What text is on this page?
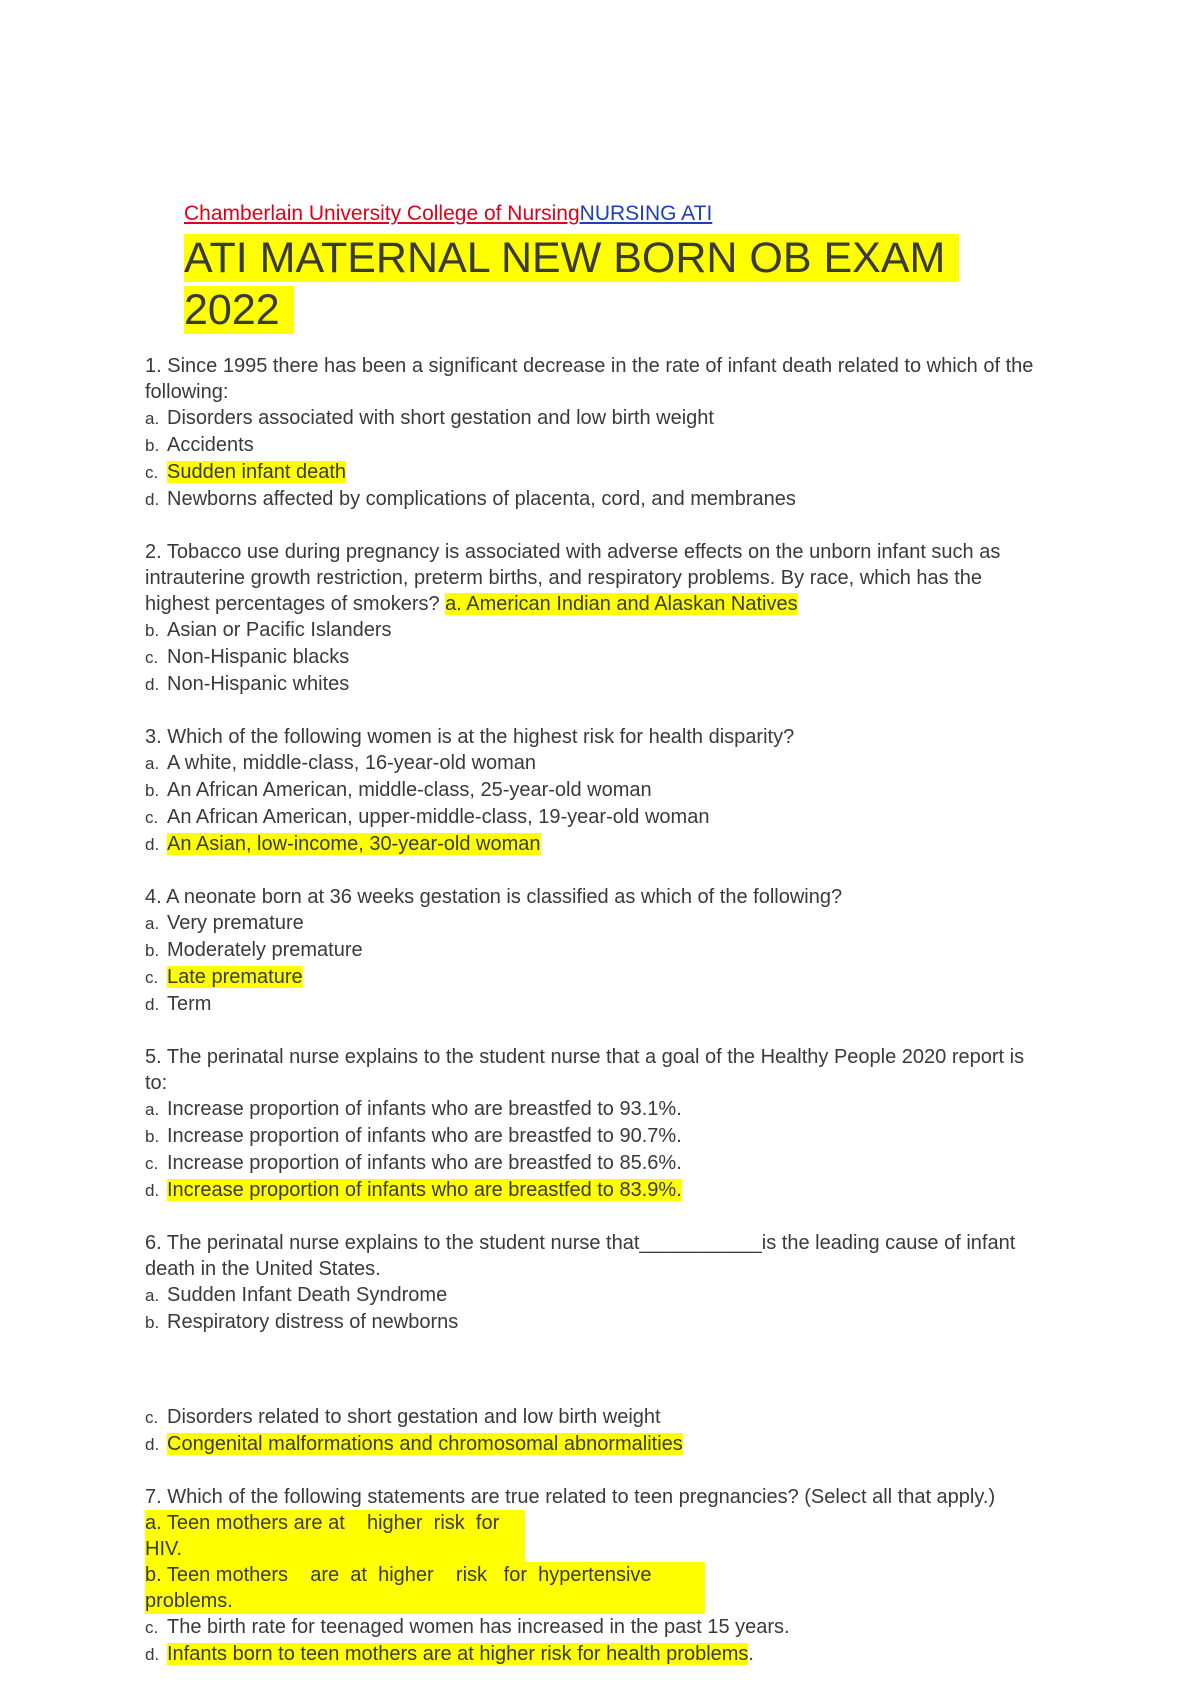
Chamberlain University College of NursingNURSING ATI
ATI MATERNAL NEW BORN OB EXAM
2022
1. Since 1995 there has been a significant decrease in the rate of infant death related to which of the following:
a. Disorders associated with short gestation and low birth weight
b. Accidents
c. Sudden infant death
d. Newborns affected by complications of placenta, cord, and membranes
2. Tobacco use during pregnancy is associated with adverse effects on the unborn infant such as intrauterine growth restriction, preterm births, and respiratory problems. By race, which has the highest percentages of smokers? a. American Indian and Alaskan Natives
b. Asian or Pacific Islanders
c. Non-Hispanic blacks
d. Non-Hispanic whites
3. Which of the following women is at the highest risk for health disparity?
a. A white, middle-class, 16-year-old woman
b. An African American, middle-class, 25-year-old woman
c. An African American, upper-middle-class, 19-year-old woman
d. An Asian, low-income, 30-year-old woman
4. A neonate born at 36 weeks gestation is classified as which of the following?
a. Very premature
b. Moderately premature
c. Late premature
d. Term
5. The perinatal nurse explains to the student nurse that a goal of the Healthy People 2020 report is to:
a. Increase proportion of infants who are breastfed to 93.1%.
b. Increase proportion of infants who are breastfed to 90.7%.
c. Increase proportion of infants who are breastfed to 85.6%.
d. Increase proportion of infants who are breastfed to 83.9%.
6. The perinatal nurse explains to the student nurse that___________is the leading cause of infant death in the United States.
a. Sudden Infant Death Syndrome
b. Respiratory distress of newborns
c. Disorders related to short gestation and low birth weight
d. Congenital malformations and chromosomal abnormalities
7. Which of the following statements are true related to teen pregnancies? (Select all that apply.)
a. Teen mothers are at    higher  risk  for
HIV.
b. Teen mothers    are  at  higher    risk   for  hypertensive
problems.
c. The birth rate for teenaged women has increased in the past 15 years.
d. Infants born to teen mothers are at higher risk for health problems.
